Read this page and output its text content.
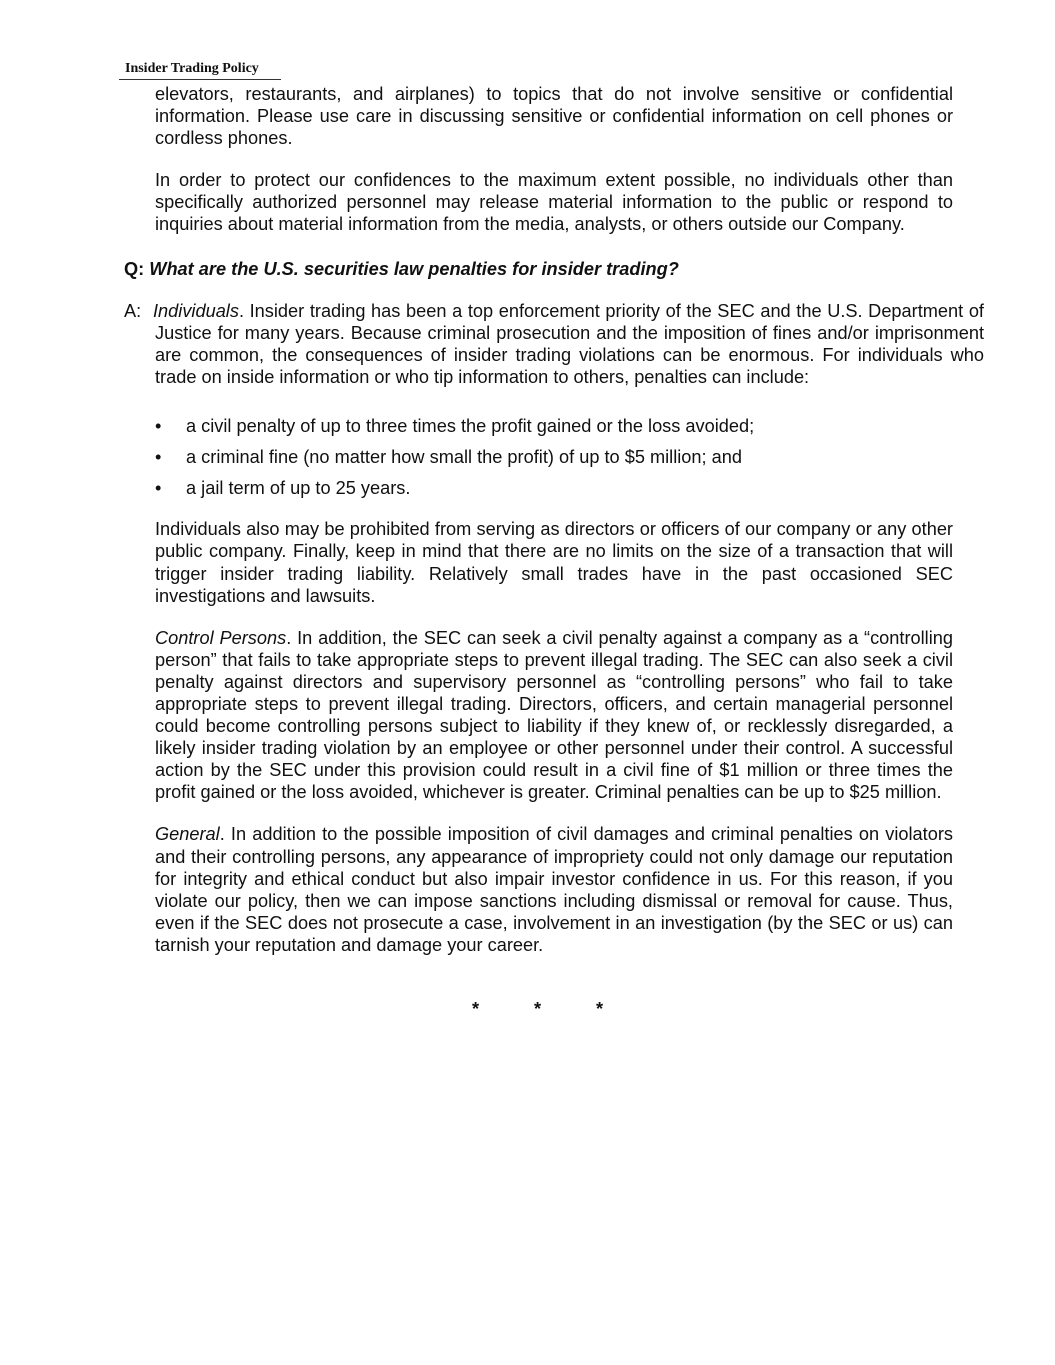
Insider Trading Policy

elevators, restaurants, and airplanes) to topics that do not involve sensitive or confidential information. Please use care in discussing sensitive or confidential information on cell phones or cordless phones.

In order to protect our confidences to the maximum extent possible, no individuals other than specifically authorized personnel may release material information to the public or respond to inquiries about material information from the media, analysts, or others outside our Company.

Q: What are the U.S. securities law penalties for insider trading?

A: Individuals. Insider trading has been a top enforcement priority of the SEC and the U.S. Department of Justice for many years. Because criminal prosecution and the imposition of fines and/or imprisonment are common, the consequences of insider trading violations can be enormous. For individuals who trade on inside information or who tip information to others, penalties can include:

• a civil penalty of up to three times the profit gained or the loss avoided;
• a criminal fine (no matter how small the profit) of up to $5 million; and
• a jail term of up to 25 years.

Individuals also may be prohibited from serving as directors or officers of our company or any other public company. Finally, keep in mind that there are no limits on the size of a transaction that will trigger insider trading liability. Relatively small trades have in the past occasioned SEC investigations and lawsuits.

Control Persons. In addition, the SEC can seek a civil penalty against a company as a “controlling person” that fails to take appropriate steps to prevent illegal trading. The SEC can also seek a civil penalty against directors and supervisory personnel as “controlling persons” who fail to take appropriate steps to prevent illegal trading. Directors, officers, and certain managerial personnel could become controlling persons subject to liability if they knew of, or recklessly disregarded, a likely insider trading violation by an employee or other personnel under their control. A successful action by the SEC under this provision could result in a civil fine of $1 million or three times the profit gained or the loss avoided, whichever is greater. Criminal penalties can be up to $25 million.

General. In addition to the possible imposition of civil damages and criminal penalties on violators and their controlling persons, any appearance of impropriety could not only damage our reputation for integrity and ethical conduct but also impair investor confidence in us. For this reason, if you violate our policy, then we can impose sanctions including dismissal or removal for cause. Thus, even if the SEC does not prosecute a case, involvement in an investigation (by the SEC or us) can tarnish your reputation and damage your career.

*	*	*
